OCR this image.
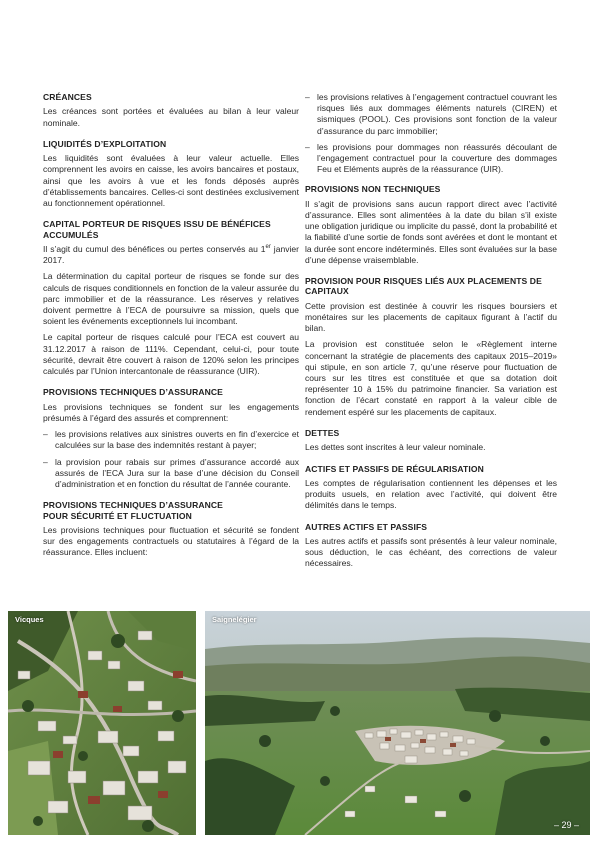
CRÉANCES

Les créances sont portées et évaluées au bilan à leur valeur nominale.

LIQUIDITÉS D’EXPLOITATION

Les liquidités sont évaluées à leur valeur actuelle. Elles comprennent les avoirs en caisse, les avoirs bancaires et postaux, ainsi que les avoirs à vue et les fonds déposés auprès d’établissements bancaires. Celles-ci sont destinées exclusivement au fonctionnement opérationnel.

CAPITAL PORTEUR DE RISQUES ISSU DE BÉNÉFICES ACCUMULÉS

Il s’agit du cumul des bénéfices ou pertes conservés au 1er janvier 2017.

La détermination du capital porteur de risques se fonde sur des calculs de risques conditionnels en fonction de la valeur assurée du parc immobilier et de la réassurance. Les réserves y relatives doivent permettre à l’ECA de poursuivre sa mission, quels que soient les événements exceptionnels lui incombant.

Le capital porteur de risques calculé pour l’ECA est couvert au 31.12.2017 à raison de 111%. Cependant, celui-ci, pour toute sécurité, devrait être couvert à raison de 120% selon les principes calculés par l’Union intercantonale de réassurance (UIR).

PROVISIONS TECHNIQUES D’ASSURANCE

Les provisions techniques se fondent sur les engagements présumés à l’égard des assurés et comprennent:

– les provisions relatives aux sinistres ouverts en fin d’exercice et calculées sur la base des indemnités restant à payer;
– la provision pour rabais sur primes d’assurance accordé aux assurés de l’ECA Jura sur la base d’une décision du Conseil d’administration et en fonction du résultat de l’année courante.
PROVISIONS TECHNIQUES D’ASSURANCE
POUR SÉCURITÉ ET FLUCTUATION

Les provisions techniques pour fluctuation et sécurité se fondent sur des engagements contractuels ou statutaires à l’égard de la réassurance. Elles incluent:

– les provisions relatives à l’engagement contractuel couvrant les risques liés aux dommages éléments naturels (CIREN) et sismiques (POOL). Ces provisions sont fonction de la valeur d’assurance du parc immobilier;
– les provisions pour dommages non réassurés découlant de l’engagement contractuel pour la couverture des dommages Feu et Eléments auprès de la réassurance (UIR).
PROVISIONS NON TECHNIQUES

Il s’agit de provisions sans aucun rapport direct avec l’activité d’assurance. Elles sont alimentées à la date du bilan s’il existe une obligation juridique ou implicite du passé, dont la probabilité et la fiabilité d’une sortie de fonds sont avérées et dont le montant et la durée sont encore indéterminés. Elles sont évaluées sur la base d’une dépense vraisemblable.

PROVISION POUR RISQUES LIÉS AUX PLACEMENTS DE CAPITAUX

Cette provision est destinée à couvrir les risques boursiers et monétaires sur les placements de capitaux figurant à l’actif du bilan.

La provision est constituée selon le «Règlement interne concernant la stratégie de placements des capitaux 2015–2019» qui stipule, en son article 7, qu’une réserve pour fluctuation de cours sur les titres est constituée et que sa dotation doit représenter 10 à 15% du patrimoine financier. Sa variation est fonction de l’écart constaté en rapport à la valeur cible de rendement espéré sur les placements de capitaux.

DETTES

Les dettes sont inscrites à leur valeur nominale.

ACTIFS ET PASSIFS DE RÉGULARISATION

Les comptes de régularisation contiennent les dépenses et les produits usuels, en relation avec l’activité, qui doivent être délimités dans le temps.

AUTRES ACTIFS ET PASSIFS

Les autres actifs et passifs sont présentés à leur valeur nominale, sous déduction, le cas échéant, des corrections de valeur nécessaires.

Vicques	Saignelégier
– 29 –
